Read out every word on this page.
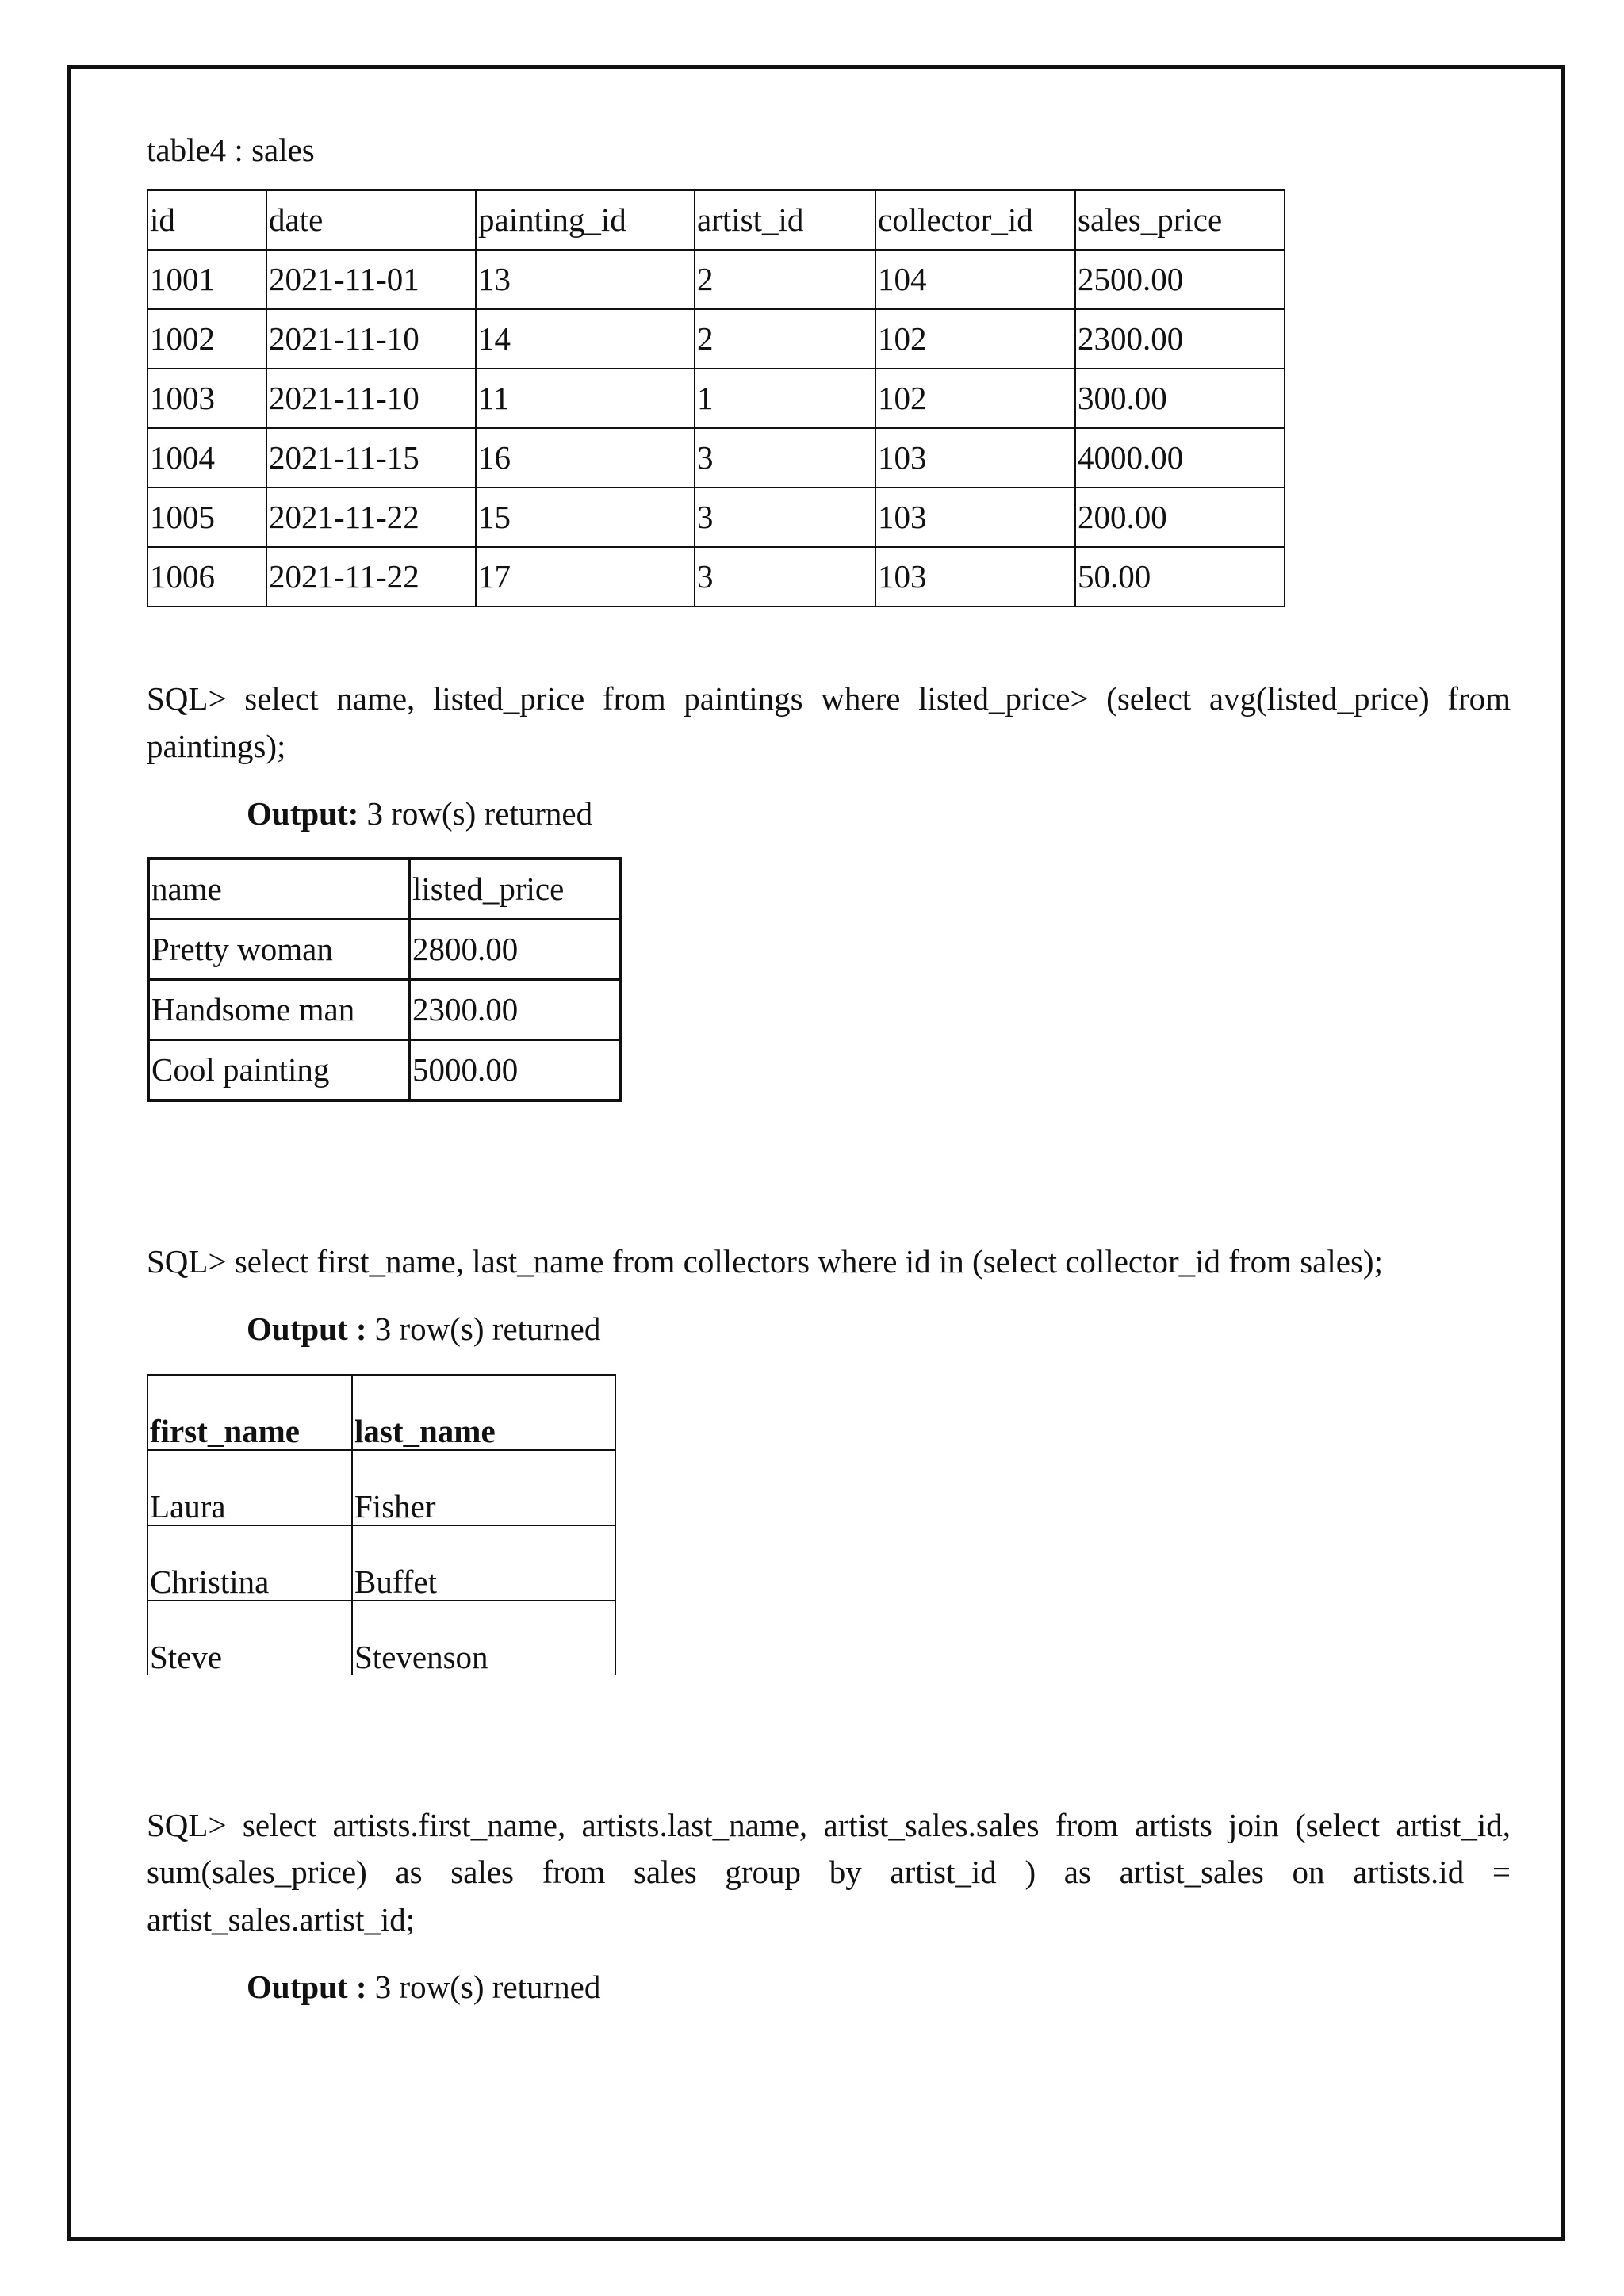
table4 : sales
id	date	painting_id	artist_id	collector_id	sales_price
1001	2021-11-01	13	2	104	2500.00
1002	2021-11-10	14	2	102	2300.00
1003	2021-11-10	11	1	102	300.00
1004	2021-11-15	16	3	103	4000.00
1005	2021-11-22	15	3	103	200.00
1006	2021-11-22	17	3	103	50.00

SQL> select name, listed_price from paintings where listed_price> (select avg(listed_price) from paintings);

Output: 3 row(s) returned
name	listed_price
Pretty woman	2800.00
Handsome man	2300.00
Cool painting	5000.00

SQL> select first_name, last_name from collectors where id in (select collector_id from sales);

Output : 3 row(s) returned
first_name	last_name
Laura	Fisher
Christina	Buffet
Steve	Stevenson

SQL> select artists.first_name, artists.last_name, artist_sales.sales from artists join (select artist_id, sum(sales_price) as sales from sales group by artist_id ) as artist_sales on artists.id = artist_sales.artist_id;

Output : 3 row(s) returned
